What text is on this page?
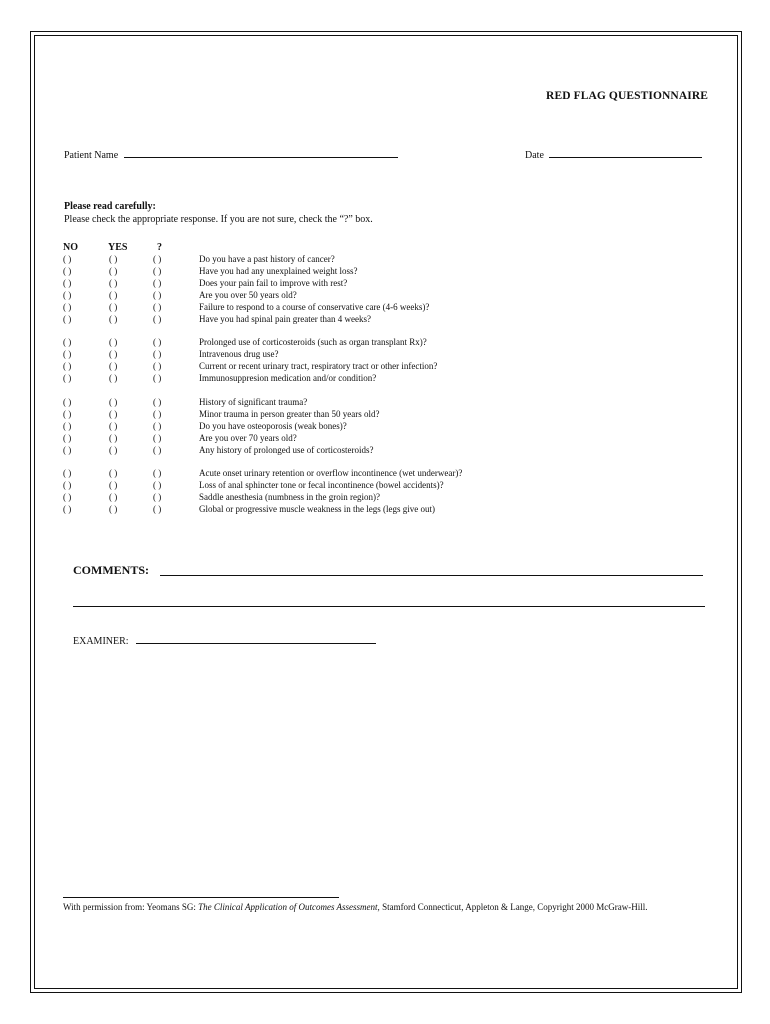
RED FLAG QUESTIONNAIRE
Patient Name	Date
Please read carefully:
Please check the appropriate response. If you are not sure, check the “?” box.
NO	YES	?
( )	( )	( )	Do you have a past history of cancer?
( )	( )	( )	Have you had any unexplained weight loss?
( )	( )	( )	Does your pain fail to improve with rest?
( )	( )	( )	Are you over 50 years old?
( )	( )	( )	Failure to respond to a course of conservative care (4-6 weeks)?
( )	( )	( )	Have you had spinal pain greater than 4 weeks?
( )	( )	( )	Prolonged use of corticosteroids (such as organ transplant Rx)?
( )	( )	( )	Intravenous drug use?
( )	( )	( )	Current or recent urinary tract, respiratory tract or other infection?
( )	( )	( )	Immunosuppresion medication and/or condition?
( )	( )	( )	History of significant trauma?
( )	( )	( )	Minor trauma in person greater than 50 years old?
( )	( )	( )	Do you have osteoporosis (weak bones)?
( )	( )	( )	Are you over 70 years old?
( )	( )	( )	Any history of prolonged use of corticosteroids?
( )	( )	( )	Acute onset urinary retention or overflow incontinence (wet underwear)?
( )	( )	( )	Loss of anal sphincter tone or fecal incontinence (bowel accidents)?
( )	( )	( )	Saddle anesthesia (numbness in the groin region)?
( )	( )	( )	Global or progressive muscle weakness in the legs (legs give out)
COMMENTS:
EXAMINER:
With permission from: Yeomans SG: The Clinical Application of Outcomes Assessment, Stamford Connecticut, Appleton & Lange, Copyright 2000 McGraw-Hill.
